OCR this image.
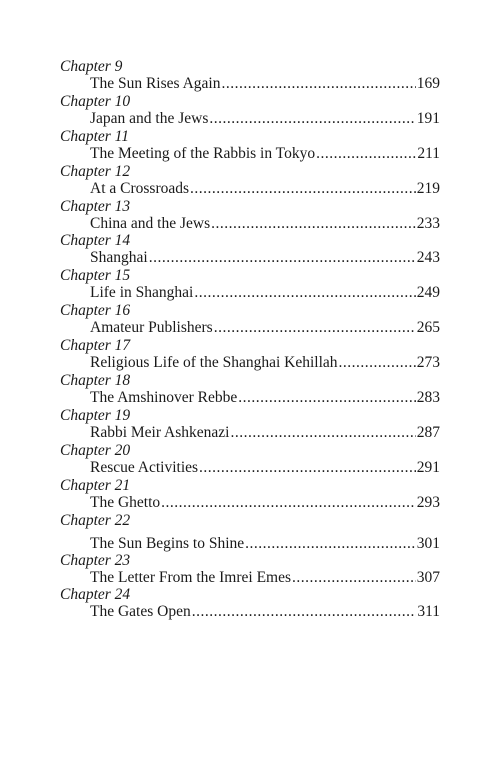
Chapter 9
The Sun Rises Again .....	169
Chapter 10
Japan and the Jews .....	191
Chapter 11
The Meeting of the Rabbis in Tokyo .....	211
Chapter 12
At a Crossroads .....	219
Chapter 13
China and the Jews .....	233
Chapter 14
Shanghai .....	243
Chapter 15
Life in Shanghai .....	249
Chapter 16
Amateur Publishers .....	265
Chapter 17
Religious Life of the Shanghai Kehillah .....	273
Chapter 18
The Amshinover Rebbe .....	283
Chapter 19
Rabbi Meir Ashkenazi .....	287
Chapter 20
Rescue Activities .....	291
Chapter 21
The Ghetto .....	293
Chapter 22
The Sun Begins to Shine .....	301
Chapter 23
The Letter From the Imrei Emes .....	307
Chapter 24
The Gates Open .....	311
